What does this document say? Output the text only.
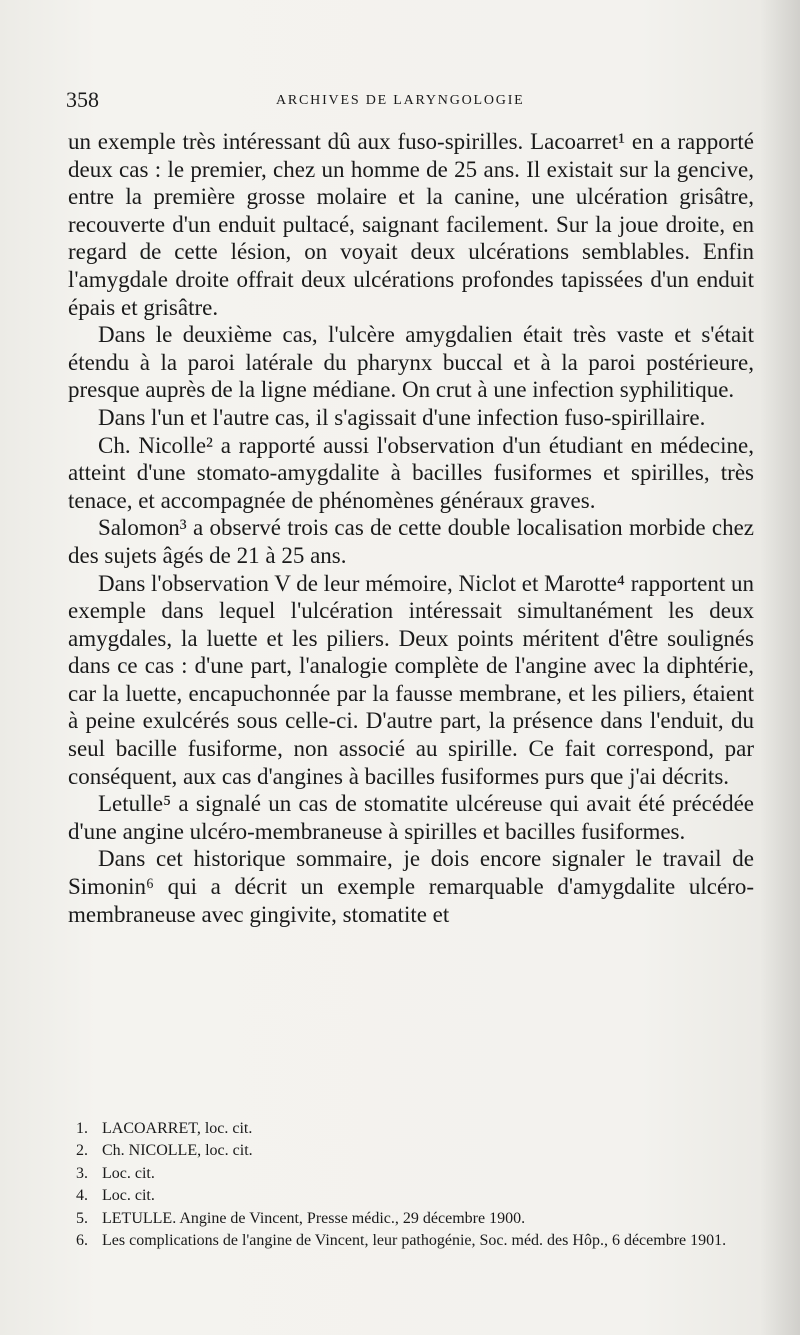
358	ARCHIVES DE LARYNGOLOGIE

un exemple très intéressant dû aux fuso-spirilles. Lacoarret¹ en a rapporté deux cas : le premier, chez un homme de 25 ans. Il existait sur la gencive, entre la première grosse molaire et la canine, une ulcération grisâtre, recouverte d'un enduit pultacé, saignant facilement. Sur la joue droite, en regard de cette lésion, on voyait deux ulcérations semblables. Enfin l'amygdale droite offrait deux ulcérations profondes tapissées d'un enduit épais et grisâtre.

Dans le deuxième cas, l'ulcère amygdalien était très vaste et s'était étendu à la paroi latérale du pharynx buccal et à la paroi postérieure, presque auprès de la ligne médiane. On crut à une infection syphilitique.

Dans l'un et l'autre cas, il s'agissait d'une infection fuso-spirillaire.

Ch. Nicolle² a rapporté aussi l'observation d'un étudiant en médecine, atteint d'une stomato-amygdalite à bacilles fusiformes et spirilles, très tenace, et accompagnée de phénomènes généraux graves.

Salomon³ a observé trois cas de cette double localisation morbide chez des sujets âgés de 21 à 25 ans.

Dans l'observation V de leur mémoire, Niclot et Marotte⁴ rapportent un exemple dans lequel l'ulcération intéressait simultanément les deux amygdales, la luette et les piliers. Deux points méritent d'être soulignés dans ce cas : d'une part, l'analogie complète de l'angine avec la diphtérie, car la luette, encapuchonnée par la fausse membrane, et les piliers, étaient à peine exulcérés sous celle-ci. D'autre part, la présence dans l'enduit, du seul bacille fusiforme, non associé au spirille. Ce fait correspond, par conséquent, aux cas d'angines à bacilles fusiformes purs que j'ai décrits.

Letulle⁵ a signalé un cas de stomatite ulcéreuse qui avait été précédée d'une angine ulcéro-membraneuse à spirilles et bacilles fusiformes.

Dans cet historique sommaire, je dois encore signaler le travail de Simonin⁶ qui a décrit un exemple remarquable d'amygdalite ulcéro-membraneuse avec gingivite, stomatite et

1. LACOARRET, loc. cit.

2. Ch. NICOLLE, loc. cit.

3. Loc. cit.

4. Loc. cit.

5. LETULLE. Angine de Vincent, Presse médic., 29 décembre 1900.

6. Les complications de l'angine de Vincent, leur pathogénie, Soc. méd. des Hôp., 6 décembre 1901.
